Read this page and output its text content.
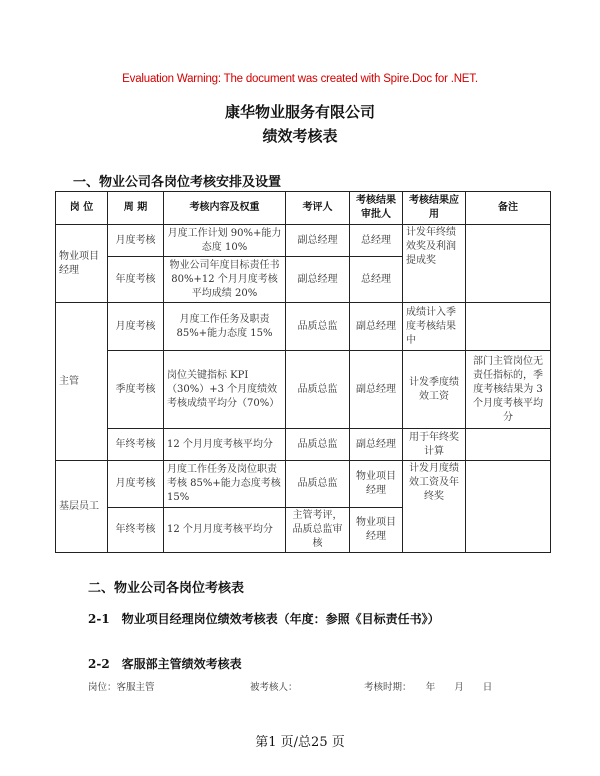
Evaluation Warning: The document was created with Spire.Doc for .NET.
康华物业服务有限公司
绩效考核表
一、物业公司各岗位考核安排及设置
岗 位	周 期	考核内容及权重	考评人	考核结果审批人	考核结果应用	备注
物业项目经理	月度考核	月度工作计划 90%+能力 态度 10%	副总经理	总经理	计发年终绩效奖及利润提成奖	
	年度考核	物业公司年度目标责任书 80%+12 个月月度考核平均成绩 20%	副总经理	总经理		
主管	月度考核	月度工作任务及职责 85%+能力态度 15%	品质总监	副总经理	成绩计入季度考核结果中	
	季度考核	岗位关键指标 KPI（30%）+3 个月度绩效考核成绩平均分（70%）	品质总监	副总经理	计发季度绩效工资	部门主管岗位无责任指标的，季度考核结果为 3 个月度考核平均分
	年终考核	12 个月月度考核平均分	品质总监	副总经理	用于年终奖计算	
基层员工	月度考核	月度工作任务及岗位职责考核 85%+能力态度考核 15%	品质总监	物业项目经理	计发月度绩效工资及年终奖	
	年终考核	12 个月月度考核平均分	主管考评，品质总监审核	物业项目经理		
二、物业公司各岗位考核表
2-1　物业项目经理岗位绩效考核表（年度：参照《目标责任书》）
2-2　客服部主管绩效考核表
岗位：客服主管	被考核人：	考核时期：　　年　　月　　日
第1 页/总25 页
